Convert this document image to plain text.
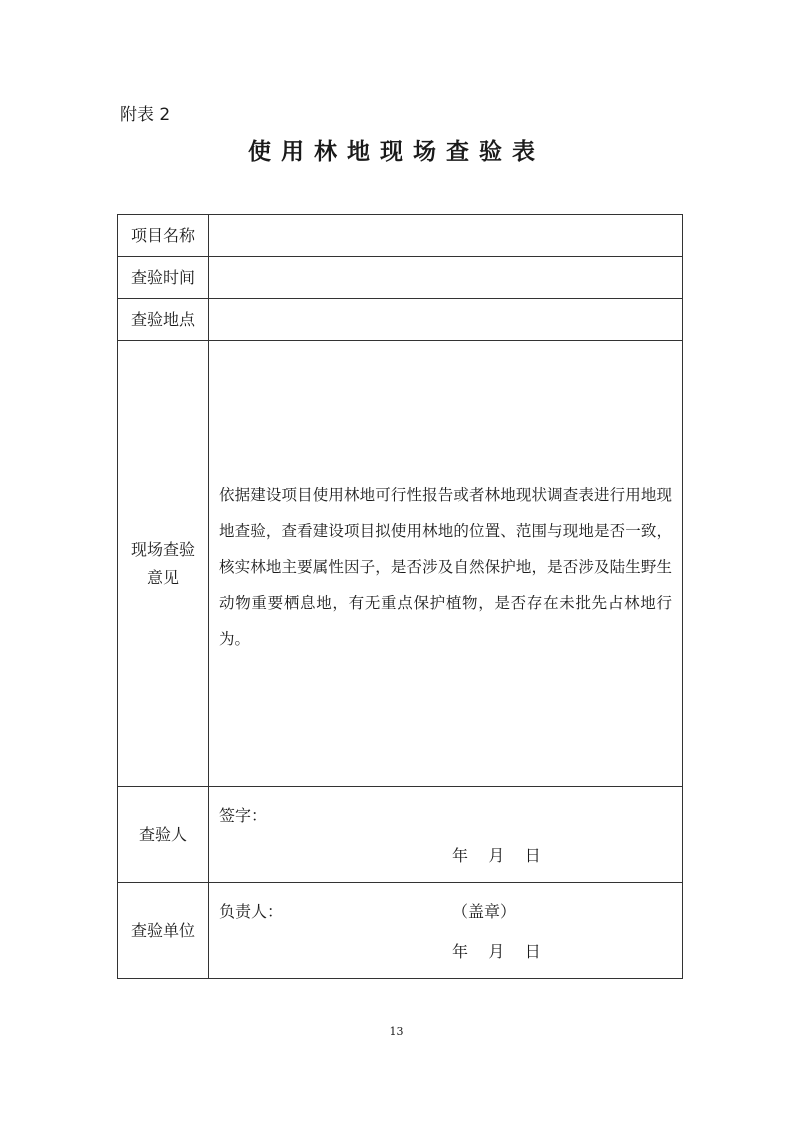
附表 2
使用林地现场查验表
项目名称	
查验时间	
查验地点	

现场查验
意见	依据建设项目使用林地可行性报告或者林地现状调查表进行用地现地查验，查看建设项目拟使用林地的位置、范围与现地是否一致，核实林地主要属性因子，是否涉及自然保护地，是否涉及陆生野生动物重要栖息地，有无重点保护植物，是否存在未批先占林地行为。

查验人	签字：
年    月    日

查验单位	负责人： （盖章）
年    月    日
13
